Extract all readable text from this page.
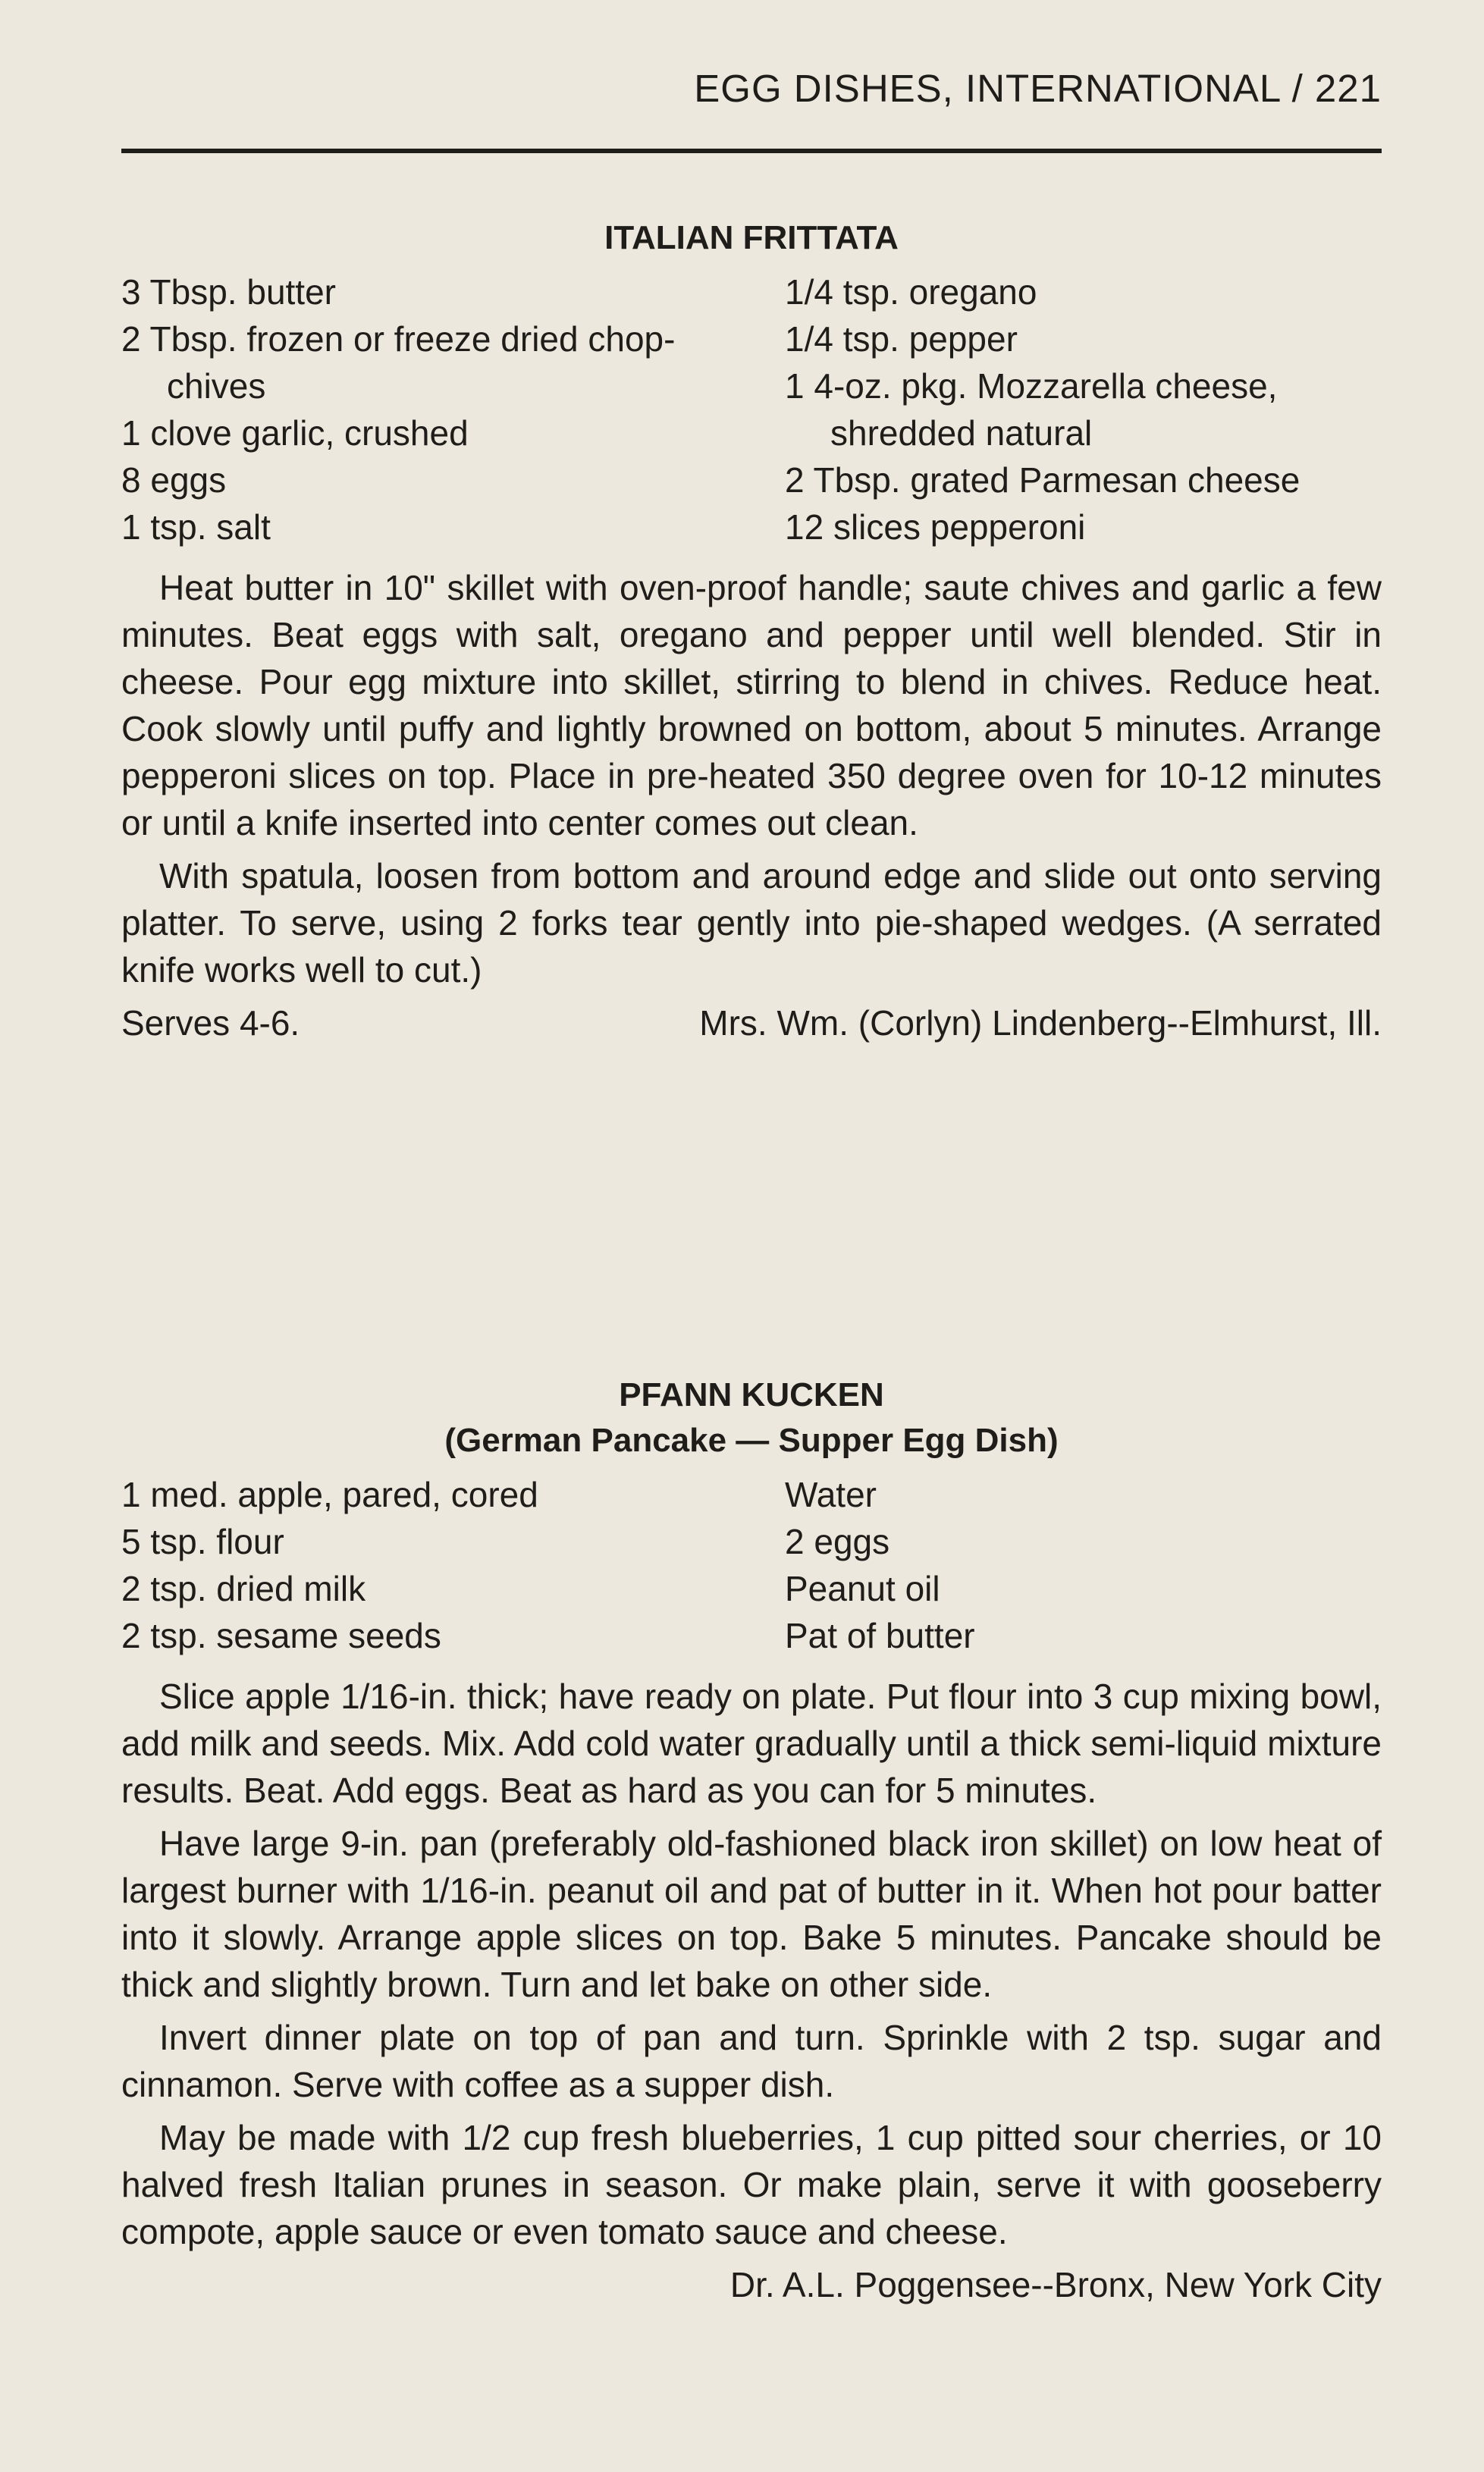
EGG DISHES, INTERNATIONAL / 221
ITALIAN FRITTATA
3 Tbsp. butter
2 Tbsp. frozen or freeze dried chop-
chives
1 clove garlic, crushed
8 eggs
1 tsp. salt
1/4 tsp. oregano
1/4 tsp. pepper
1 4-oz. pkg. Mozzarella cheese,
shredded natural
2 Tbsp. grated Parmesan cheese
12 slices pepperoni

Heat butter in 10" skillet with oven-proof handle; saute chives and garlic a few minutes. Beat eggs with salt, oregano and pepper until well blended. Stir in cheese. Pour egg mixture into skillet, stirring to blend in chives. Reduce heat. Cook slowly until puffy and lightly browned on bottom, about 5 minutes. Arrange pepperoni slices on top. Place in pre-heated 350 degree oven for 10-12 minutes or until a knife inserted into center comes out clean.

With spatula, loosen from bottom and around edge and slide out onto serving platter. To serve, using 2 forks tear gently into pie-shaped wedges. (A serrated knife works well to cut.)

Serves 4-6.	Mrs. Wm. (Corlyn) Lindenberg--Elmhurst, Ill.
PFANN KUCKEN
(German Pancake — Supper Egg Dish)
1 med. apple, pared, cored
5 tsp. flour
2 tsp. dried milk
2 tsp. sesame seeds
Water
2 eggs
Peanut oil
Pat of butter

Slice apple 1/16-in. thick; have ready on plate. Put flour into 3 cup mixing bowl, add milk and seeds. Mix. Add cold water gradually until a thick semi-liquid mixture results. Beat. Add eggs. Beat as hard as you can for 5 minutes.

Have large 9-in. pan (preferably old-fashioned black iron skillet) on low heat of largest burner with 1/16-in. peanut oil and pat of butter in it. When hot pour batter into it slowly. Arrange apple slices on top. Bake 5 minutes. Pancake should be thick and slightly brown. Turn and let bake on other side.

Invert dinner plate on top of pan and turn. Sprinkle with 2 tsp. sugar and cinnamon. Serve with coffee as a supper dish.

May be made with 1/2 cup fresh blueberries, 1 cup pitted sour cherries, or 10 halved fresh Italian prunes in season. Or make plain, serve it with gooseberry compote, apple sauce or even tomato sauce and cheese.

Dr. A.L. Poggensee--Bronx, New York City
